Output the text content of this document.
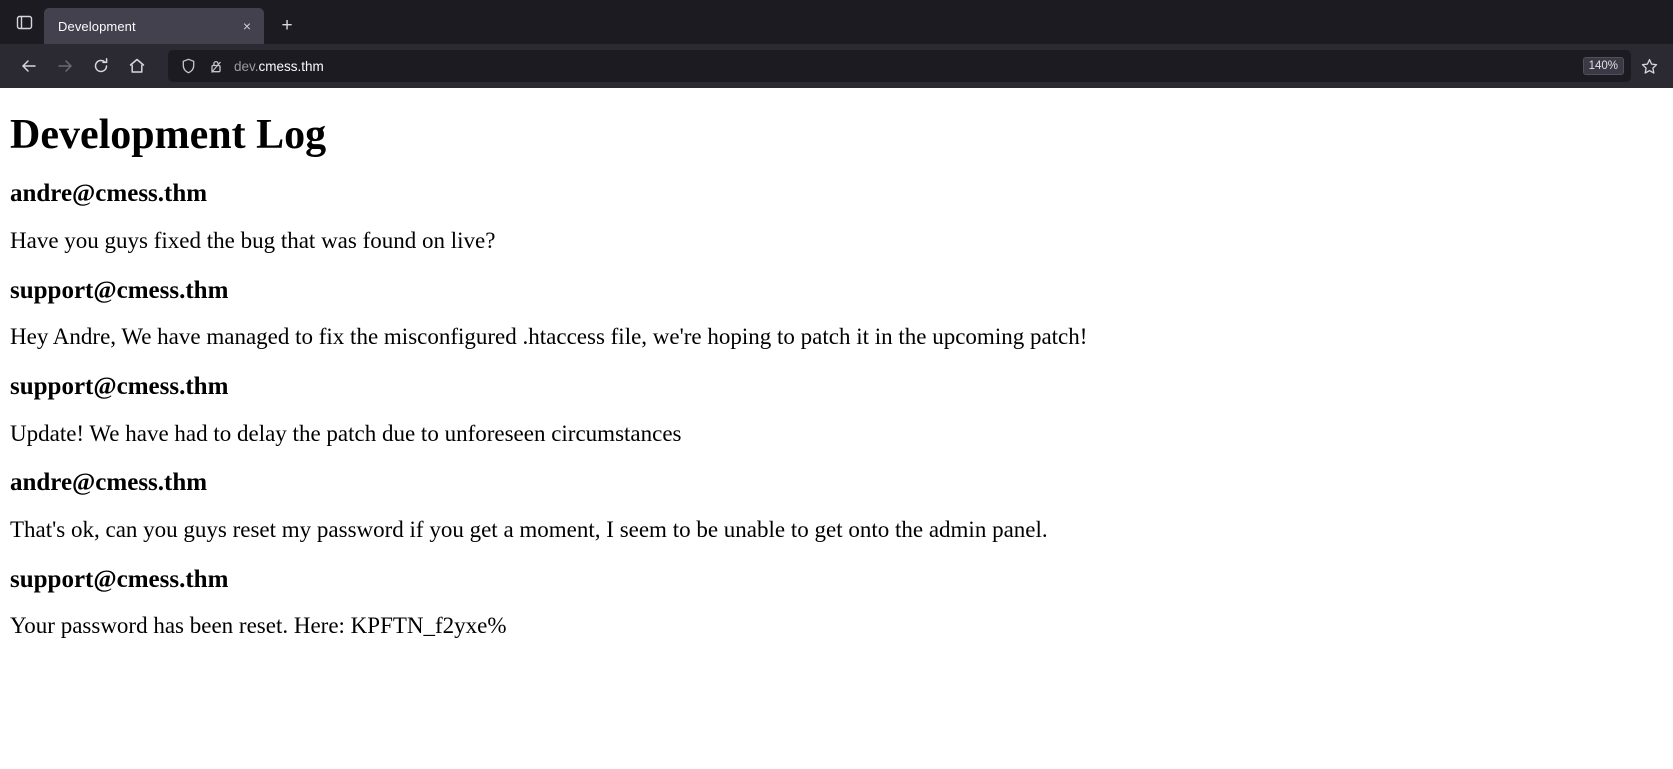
Development	×	+
dev.cmess.thm	140%
Development Log
andre@cmess.thm

Have you guys fixed the bug that was found on live?

support@cmess.thm

Hey Andre, We have managed to fix the misconfigured .htaccess file, we're hoping to patch it in the upcoming patch!

support@cmess.thm

Update! We have had to delay the patch due to unforeseen circumstances

andre@cmess.thm

That's ok, can you guys reset my password if you get a moment, I seem to be unable to get onto the admin panel.

support@cmess.thm

Your password has been reset. Here: KPFTN_f2yxe%
